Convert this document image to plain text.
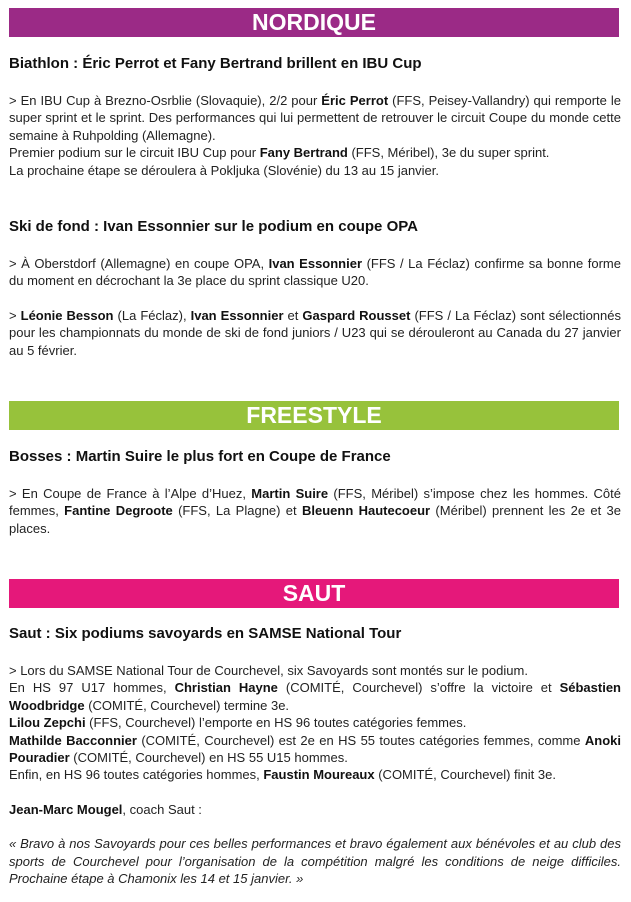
NORDIQUE
Biathlon : Éric Perrot et Fany Bertrand brillent en IBU Cup

> En IBU Cup à Brezno-Osrblie (Slovaquie), 2/2 pour Éric Perrot (FFS, Peisey-Vallandry) qui remporte le super sprint et le sprint. Des performances qui lui permettent de retrouver le circuit Coupe du monde cette semaine à Ruhpolding (Allemagne).

Premier podium sur le circuit IBU Cup pour Fany Bertrand (FFS, Méribel), 3e du super sprint.

La prochaine étape se déroulera à Pokljuka (Slovénie) du 13 au 15 janvier.

Ski de fond : Ivan Essonnier sur le podium en coupe OPA

> À Oberstdorf (Allemagne) en coupe OPA, Ivan Essonnier (FFS / La Féclaz) confirme sa bonne forme du moment en décrochant la 3e place du sprint classique U20.

> Léonie Besson (La Féclaz), Ivan Essonnier et Gaspard Rousset (FFS / La Féclaz) sont sélectionnés pour les championnats du monde de ski de fond juniors / U23 qui se dérouleront au Canada du 27 janvier au 5 février.

FREESTYLE
Bosses : Martin Suire le plus fort en Coupe de France

> En Coupe de France à l’Alpe d’Huez, Martin Suire (FFS, Méribel) s’impose chez les hommes. Côté femmes, Fantine Degroote (FFS, La Plagne) et Bleuenn Hautecoeur (Méribel) prennent les 2e et 3e places.

SAUT
Saut : Six podiums savoyards en SAMSE National Tour

> Lors du SAMSE National Tour de Courchevel, six Savoyards sont montés sur le podium.

En HS 97 U17 hommes, Christian Hayne (COMITÉ, Courchevel) s’offre la victoire et Sébastien Woodbridge (COMITÉ, Courchevel) termine 3e.

Lilou Zepchi (FFS, Courchevel) l’emporte en HS 96 toutes catégories femmes.

Mathilde Bacconnier (COMITÉ, Courchevel) est 2e en HS 55 toutes catégories femmes, comme Anoki Pouradier (COMITÉ, Courchevel) en HS 55 U15 hommes.

Enfin, en HS 96 toutes catégories hommes, Faustin Moureaux (COMITÉ, Courchevel) finit 3e.

Jean-Marc Mougel, coach Saut :

« Bravo à nos Savoyards pour ces belles performances et bravo également aux bénévoles et au club des sports de Courchevel pour l’organisation de la compétition malgré les conditions de neige difficiles. Prochaine étape à Chamonix les 14 et 15 janvier. »
